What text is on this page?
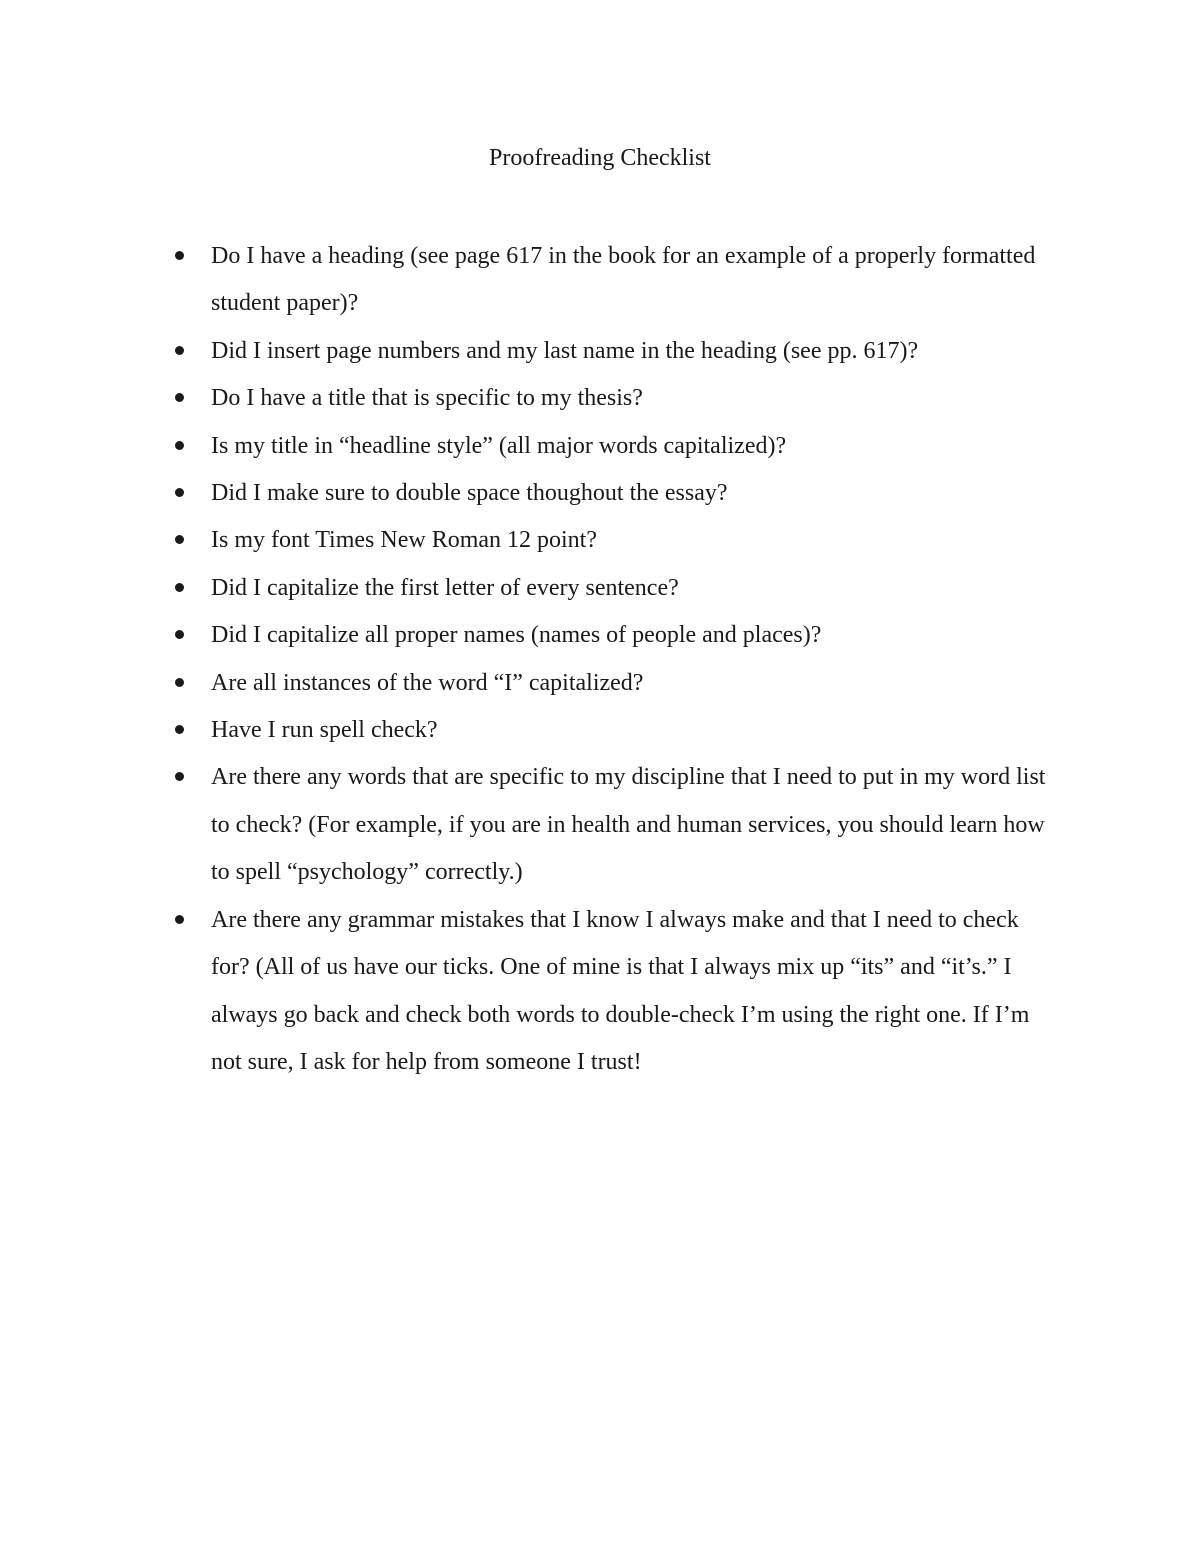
Proofreading Checklist
Do I have a heading (see page 617 in the book for an example of a properly formatted student paper)?
Did I insert page numbers and my last name in the heading (see pp. 617)?
Do I have a title that is specific to my thesis?
Is my title in “headline style” (all major words capitalized)?
Did I make sure to double space thoughout the essay?
Is my font Times New Roman 12 point?
Did I capitalize the first letter of every sentence?
Did I capitalize all proper names (names of people and places)?
Are all instances of the word “I” capitalized?
Have I run spell check?
Are there any words that are specific to my discipline that I need to put in my word list to check? (For example, if you are in health and human services, you should learn how to spell “psychology” correctly.)
Are there any grammar mistakes that I know I always make and that I need to check for? (All of us have our ticks. One of mine is that I always mix up “its” and “it’s.” I always go back and check both words to double-check I’m using the right one. If I’m not sure, I ask for help from someone I trust!
